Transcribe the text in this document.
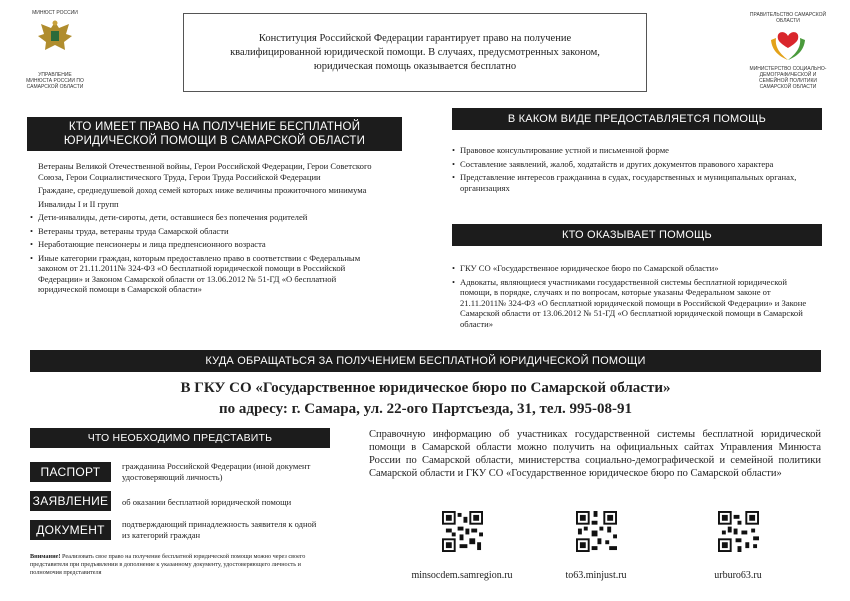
МИНЮСТ РОССИИ
УПРАВЛЕНИЕ МИНЮСТА РОССИИ ПО САМАРСКОЙ ОБЛАСТИ
Конституция Российской Федерации гарантирует право на получение квалифицированной юридической помощи. В случаях, предусмотренных законом, юридическая помощь оказывается бесплатно
ПРАВИТЕЛЬСТВО САМАРСКОЙ ОБЛАСТИ
МИНИСТЕРСТВО СОЦИАЛЬНО-ДЕМОГРАФИЧЕСКОЙ И СЕМЕЙНОЙ ПОЛИТИКИ САМАРСКОЙ ОБЛАСТИ
КТО ИМЕЕТ ПРАВО НА ПОЛУЧЕНИЕ БЕСПЛАТНОЙ ЮРИДИЧЕСКОЙ ПОМОЩИ В САМАРСКОЙ ОБЛАСТИ
Ветераны Великой Отечественной войны, Герои Российской Федерации, Герои Советского Союза, Герои Социалистического Труда, Герои Труда Российской Федерации
Граждане, среднедушевой доход семей которых ниже величины прожиточного минимума
Инвалиды I и II групп
• Дети-инвалиды, дети-сироты, дети, оставшиеся без попечения родителей
• Ветераны труда, ветераны труда Самарской области
• Неработающие пенсионеры и лица предпенсионного возраста
• Иные категории граждан, которым предоставлено право в соответствии с Федеральным законом от 21.11.2011№ 324-ФЗ «О бесплатной юридической помощи в Российской Федерации» и Законом Самарской области от 13.06.2012 № 51-ГД «О бесплатной юридической помощи в Самарской области»
В КАКОМ ВИДЕ ПРЕДОСТАВЛЯЕТСЯ ПОМОЩЬ
• Правовое консультирование устной и письменной форме
• Составление заявлений, жалоб, ходатайств и других документов правового характера
• Представление интересов гражданина в судах, государственных и муниципальных органах, организациях
КТО ОКАЗЫВАЕТ ПОМОЩЬ
• ГКУ СО «Государственное юридическое бюро по Самарской области»
• Адвокаты, являющиеся участниками государственной системы бесплатной юридической помощи, в порядке, случаях и по вопросам, которые указаны Федеральном законе от 21.11.2011№ 324-ФЗ «О бесплатной юридической помощи в Российской Федерации» и Законе Самарской области от 13.06.2012 № 51-ГД «О бесплатной юридической помощи в Самарской области»
КУДА ОБРАЩАТЬСЯ ЗА ПОЛУЧЕНИЕМ БЕСПЛАТНОЙ ЮРИДИЧЕСКОЙ ПОМОЩИ
В ГКУ СО «Государственное юридическое бюро по Самарской области»
по адресу: г. Самара, ул. 22-ого Партсъезда, 31, тел. 995-08-91
ЧТО НЕОБХОДИМО ПРЕДСТАВИТЬ
ПАСПОРТ	гражданина Российской Федерации (иной документ удостоверяющий личность)
ЗАЯВЛЕНИЕ об оказании бесплатной юридической помощи
ДОКУМЕНТ подтверждающий принадлежность заявителя к одной из категорий граждан
Внимание! Реализовать свое право на получение бесплатной юридической помощи можно через своего представителя при предъявлении в дополнение к указанному документу, удостоверяющего личность и полномочия представителя
Справочную информацию об участниках государственной системы бесплатной юридической помощи в Самарской области можно получить на официальных сайтах Управления Минюста России по Самарской области, министерства социально-демографической и семейной политики Самарской области и ГКУ СО «Государственное юридическое бюро по Самарской области»
minsocdem.samregion.ru	to63.minjust.ru	urburo63.ru
